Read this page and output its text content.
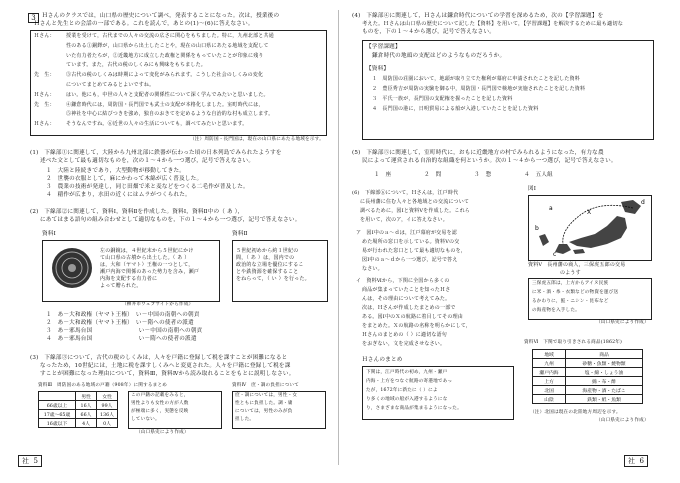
3	Ｈさんのクラスでは，山口県の歴史について調べ，発表することになった。次は，授業後の
Ｈさんと先生との会話の一部である。これを読んで，あとの(1)～(6)に答えなさい。
Ｈさん： 授業を受けて，古代までの人々の交流の広さに関心をもちました。特に，九州北部と共通
性のある①銅鐸が，山口県から出土したことや，現在の山口県にあたる地域を支配して
いた有力者たちが，②近畿地方に成立した政権と関係をもっていたことが印象に残り
ています。また，古代の税のしくみにも興味をもちました。
先　生： ③古代の税のしくみは時期によって変化がみられます。こうした社会のしくみの変化
についてまとめてみるとよいですね。
Ｈさん： はい。他にも，中世の人々と支配者の関係性について深く学んでみたいと思いました。
先　生： ④鎌倉時代には，周防国・長門国でも武士の支配が本格化しました。室町時代には，
⑤神社を中心に結びつきを強め，独自のおきてを定めるような自治的な村も成立します。
Ｈさん： そうなんですね。⑥近世の人々の生活についても，調べてみたいと思います。
（注）周防国・長門国は，現在の山口県にあたる地域を示す。
(1)　下線部①に関連して，大陸から九州北部に鉄器が伝わった頃の日本列島でみられたようすを
述べた文として最も適切なものを，次の１～４から一つ選び，記号で答えなさい。
１　大陸と陸続きであり，大型動物が移動してきた。
２　世襲の衣服として，麻にかわって木綿が広く普及した。
３　農業の技術が発達し，同じ田畑で米と麦などをつくる二毛作が普及した。
４　稲作が広まり，水田の近くにはムラがつくられた。
(2)　下線部②に関連して，資料Ⅰ，資料Ⅱを作成した。資料Ⅰ，資料Ⅱ中の（ あ ），
にあてはまる語句の組み合わせとして適切なものを，下の１～４から一つ選び，記号で答えなさい。
資料Ⅰ
左の銅鏡は，４世紀末から５世紀にかけ
て山口県の古墳から出土した。（ あ ）
は，大和（ヤマト）王権の一つとして，
瀬戸内海で関係のあった勢力を含み，瀬戸
内海を支配する有力者に
よって贈られた。
（柳井市ウェブサイトから作成）
資料Ⅱ
５世紀初めから約１世紀の
間，（ あ ）は，国内での
政治的な立場を優位にするこ
とや鉄資源を確保すること
をねらって，（ い ）を行った。
１　あ－大和政権（ヤマト王権）　い－中国の南朝への朝貢
２　あ－大和政権（ヤマト王権）　い－隋への使者の派遣
３　あ－邪馬台国　　　　　　　　い－中国の南朝への朝貢
４　あ－邪馬台国　　　　　　　　い－隋への使者の派遣
(3)　下線部③について，古代の税のしくみは，人々を戸籍に登録して税を課すことが困難になると
なったため，10世紀には，土地に税を課すしくみへと変更された。人々を戸籍に登録して税を課
すことが困難になった理由について，資料Ⅲ，資料Ⅳから読み取れることをもとに説明しなさい。
資料Ⅲ　周防国のある地域の戸籍（908年）に関するまとめ
	男性	女性
66歳以上	16人	99人
17歳～65歳	66人	136人
16歳以下	4人	0人
この戸籍の記載をみると，
男性よりも女性の方が人数
が極端に多く，実態を反映
していない。
資料Ⅳ　庶・調の負担について
庶・調については，男性・女
性ともに負担した。調・庸
については，男性のみが負
担した。
（山口県史により作成）
社 5
(4)　下線部④に関連して，Ｈさんは鎌倉時代についての学習を深めるため，次の【学習課題】を
考えた。Ｈさんは山口県の歴史について記した【資料】を用いて，【学習課題】を解決するために最も適切な
ものを，下の１～４から選び，記号で答えなさい。
【学習課題】
鎌倉時代の地頭の支配はどのようなものだろうか。
【資料】
１　周防国の荘園において，地頭が取り立てた権利が幕府に申請されたことを記した資料
２　豊臣秀吉が周防の実験を御る中，周防国・長門国で検地が実施されたことを記した資料
３　平氏一族が，長門国の支配権を握ったことを記した資料
４　長門国の港に，日明貿易による船が入港していたことを記した資料
(5)　下線部⑤に関連して，室町時代に，おもに近畿地方の村でみられるようになった，有力な農
民によって運営される自治的な組織を何というか。次の１～４から一つ選び，記号で答えなさい。
１　座	２　問	３　惣	４　五人組
(6)　下線部⑥について，Ｈさんは，江戸時代
に長州藩に住む人々と各地域との交流について
調べるために，図Ⅰと資料Ⅴを作成した。これら
を用いて，次のア，イに答えなさい。
ア　図Ⅰ中のａ～ｄは，江戸幕府が交易を認
めた場所の窓口を示している。資料Ⅴの交
易が行われた窓口として最も適切なものを，
図Ⅰ中のａ～ｄから一つ選び，記号で答え
なさい。
図Ⅰ
a
b
c
d
X
資料Ⅴ　長州藩の商人，三保虎五郎の交易
のようす
三保虎五郎は，上方からアイヌ民族
に米・酒・糸・衣類などの物資を運び送
るかわりに，鮭・ニシン・昆布など
の海産物を入手した。
（山口県史により作成）
イ　資料Ⅵから，下関に全国から多くの
商品が集まっていたことを知ったＨさ
んは，その理由について考えてみた。
次は，Ｈさんが作成したまとめの一部で
ある。図Ⅰ中のＸの航路に着目してその理由
をまとめた。Ｘの航路の名称を明らかにして，
Ｈさんのまとめの（ ）に適切な語句
をおぎない，文を完成させなさい。
Ｈさんのまとめ
下関は，江戸時代の初め，九州・瀬戸
内海・上方をつなぐ航路の寄港地であっ
たが，1672年に新たに（ ）によ
り多くの地域の船が入港するようにな
り，さまざまな商品が集まるようになった。
資料Ⅵ　下関で取り引きされる商品(1862年)
地域	商品
九州	砂糖・魚類・焼物類
瀬戸内海	塩・綿・しょう油
上方	綿・布・酢
北国	海産物・酒・たばこ
山陰	鉄類・紙・魚類
（注）北国は現在の北陸地方周辺を示す。
（山口県史により作成）
社 6
